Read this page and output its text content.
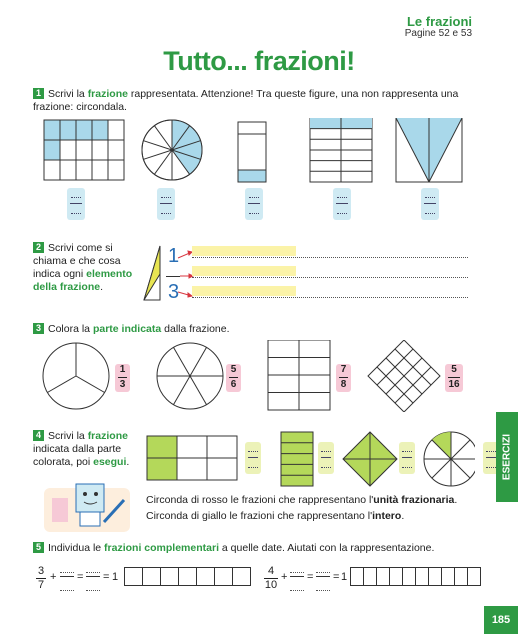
Le frazioni
Pagine 52 e 53
Tutto... frazioni!
1 Scrivi la frazione rappresentata. Attenzione! Tra queste figure, una non rappresenta una frazione: circondala.
2 Scrivi come si chiama e che cosa indica ogni elemento della frazione.
1
3
3 Colora la parte indicata dalla frazione.
1
3
5
6
7
8
5
16
4 Scrivi la frazione indicata dalla parte colorata, poi esegui.
Circonda di rosso le frazioni che rappresentano l'unità frazionaria.
Circonda di giallo le frazioni che rappresentano l'intero.
5 Individua le frazioni complementari a quelle date. Aiutati con la rappresentazione.
3
7
+ = = 1	4
10
+ = = 1
ESERCIZI
185
